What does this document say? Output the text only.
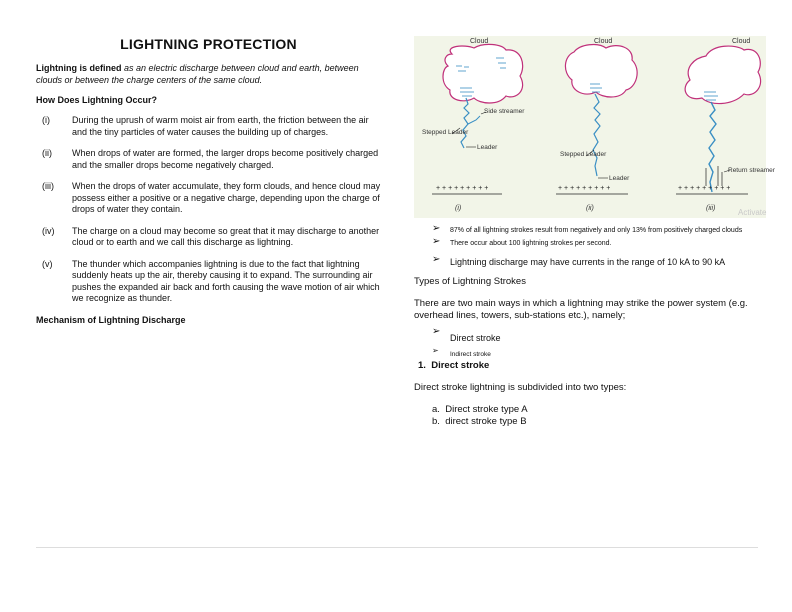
LIGHTNING PROTECTION

Lightning is defined as an electric discharge between cloud and earth, between clouds or between the charge centers of the same cloud.

How Does Lightning Occur?
(i) During the uprush of warm moist air from earth, the friction between the air and the tiny particles of water causes the building up of charges.
(ii) When drops of water are formed, the larger drops become positively charged and the smaller drops become negatively charged.
(iii) When the drops of water accumulate, they form clouds, and hence cloud may possess either a positive or a negative charge, depending upon the charge of drops of water they contain.
(iv) The charge on a cloud may become so great that it may discharge to another cloud or to earth and we call this discharge as lightning.
(v) The thunder which accompanies lightning is due to the fact that lightning suddenly heats up the air, thereby causing it to expand. The surrounding air pushes the expanded air back and forth causing the wave motion of air which we recognize as thunder.
Mechanism of Lightning Discharge
Cloud
Side streamer
Stepped Leader
Leader
+ + + + + + + + +
(i)
Cloud
Stepped Leader
Leader
+ + + + + + + + +
(ii)
Cloud
Return streamer
+ + + + + + + + +
(iii)	Activate
➢ 87% of all lightning strokes result from negatively and only 13% from positively charged clouds
➢ There occur about 100 lightning strokes per second.
➢ Lightning discharge may have currents in the range of 10 kA to 90 kA
Types of Lightning Strokes
There are two main ways in which a lightning may strike the power system (e.g. overhead lines, towers, sub-stations etc.), namely;
➢
Direct stroke
➢ Indirect stroke
1. Direct stroke
Direct stroke lightning is subdivided into two types:
a. Direct stroke type A
b. direct stroke type B
